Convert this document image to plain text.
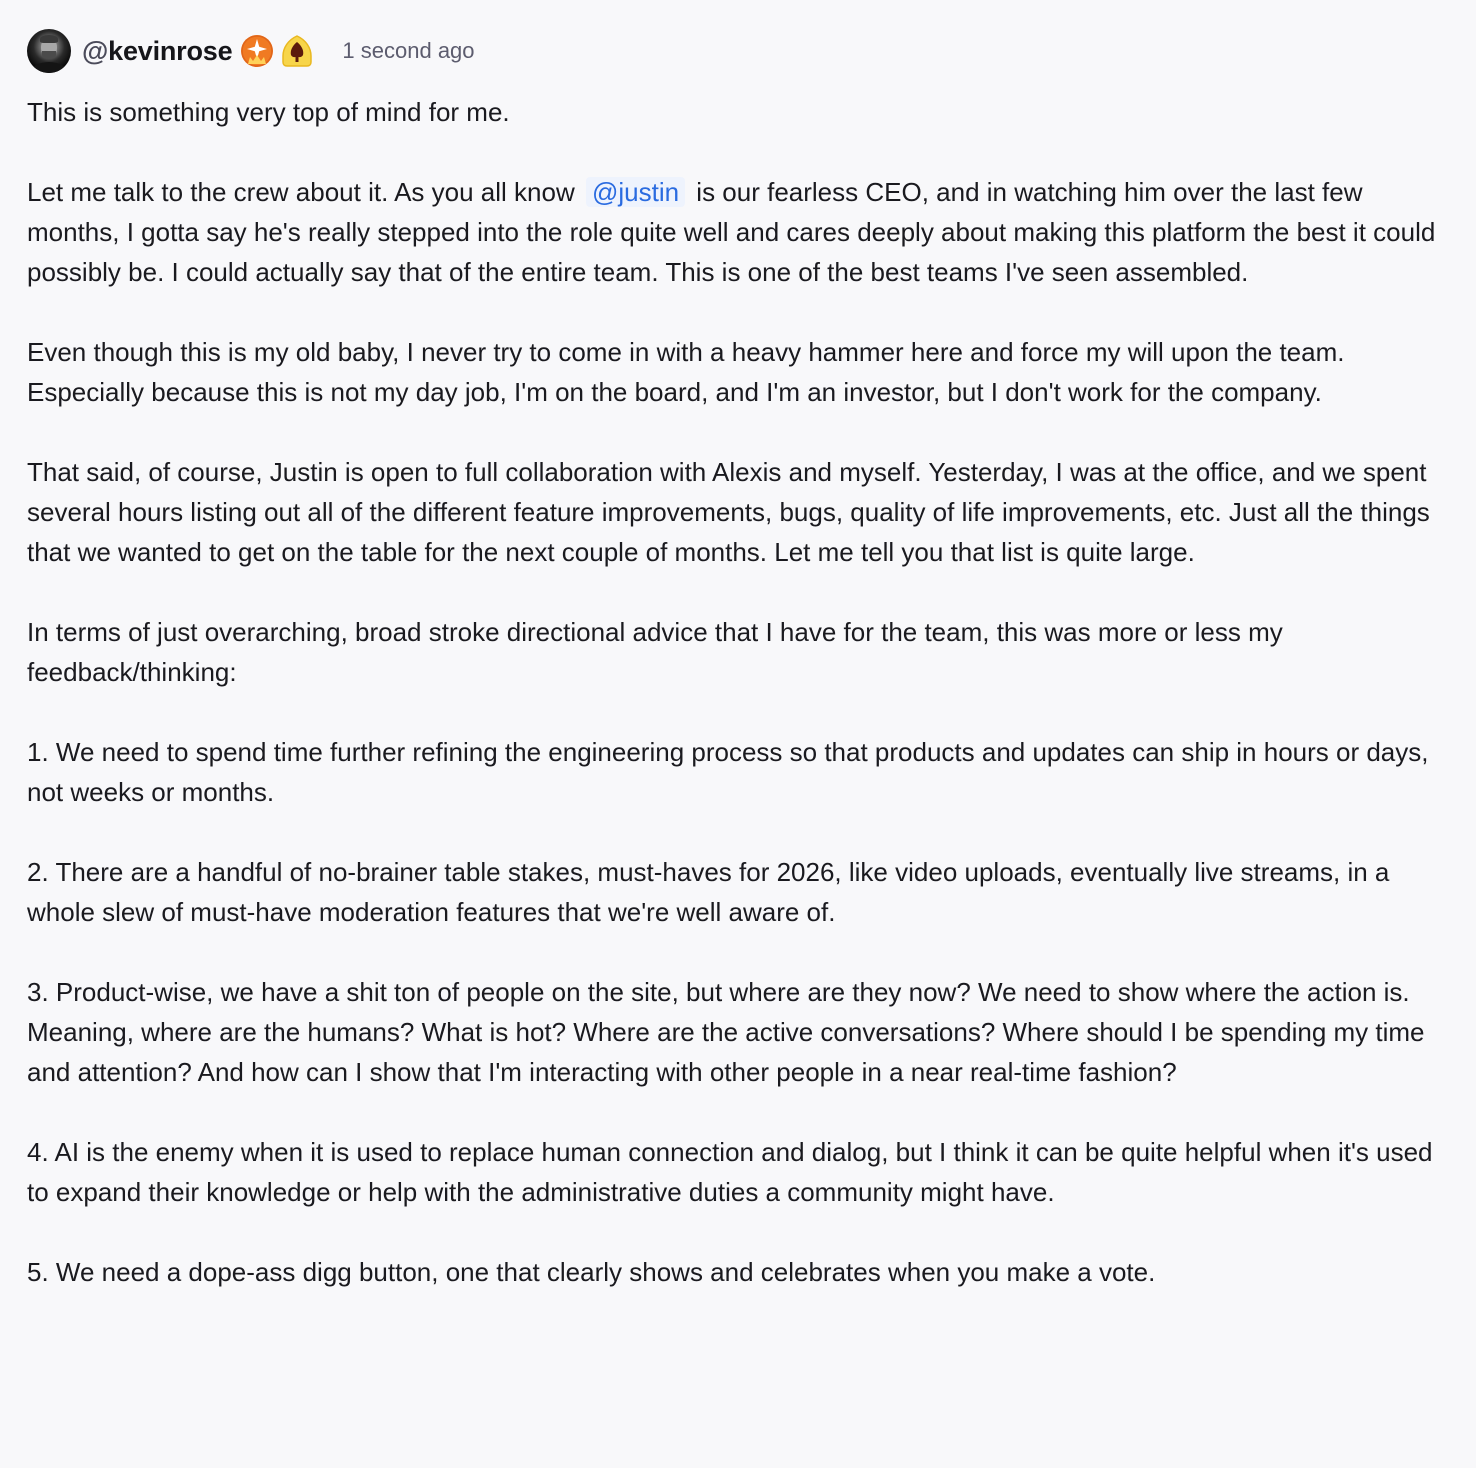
@kevinrose	1 second ago

This is something very top of mind for me.

Let me talk to the crew about it. As you all know @justin is our fearless CEO, and in watching him over the last few months, I gotta say he's really stepped into the role quite well and cares deeply about making this platform the best it could possibly be. I could actually say that of the entire team. This is one of the best teams I've seen assembled.

Even though this is my old baby, I never try to come in with a heavy hammer here and force my will upon the team. Especially because this is not my day job, I'm on the board, and I'm an investor, but I don't work for the company.

That said, of course, Justin is open to full collaboration with Alexis and myself. Yesterday, I was at the office, and we spent several hours listing out all of the different feature improvements, bugs, quality of life improvements, etc. Just all the things that we wanted to get on the table for the next couple of months. Let me tell you that list is quite large.

In terms of just overarching, broad stroke directional advice that I have for the team, this was more or less my feedback/thinking:

1. We need to spend time further refining the engineering process so that products and updates can ship in hours or days, not weeks or months.

2. There are a handful of no-brainer table stakes, must-haves for 2026, like video uploads, eventually live streams, in a whole slew of must-have moderation features that we're well aware of.

3. Product-wise, we have a shit ton of people on the site, but where are they now? We need to show where the action is. Meaning, where are the humans? What is hot? Where are the active conversations? Where should I be spending my time and attention? And how can I show that I'm interacting with other people in a near real-time fashion?

4. AI is the enemy when it is used to replace human connection and dialog, but I think it can be quite helpful when it's used to expand their knowledge or help with the administrative duties a community might have.

5. We need a dope-ass digg button, one that clearly shows and celebrates when you make a vote.
